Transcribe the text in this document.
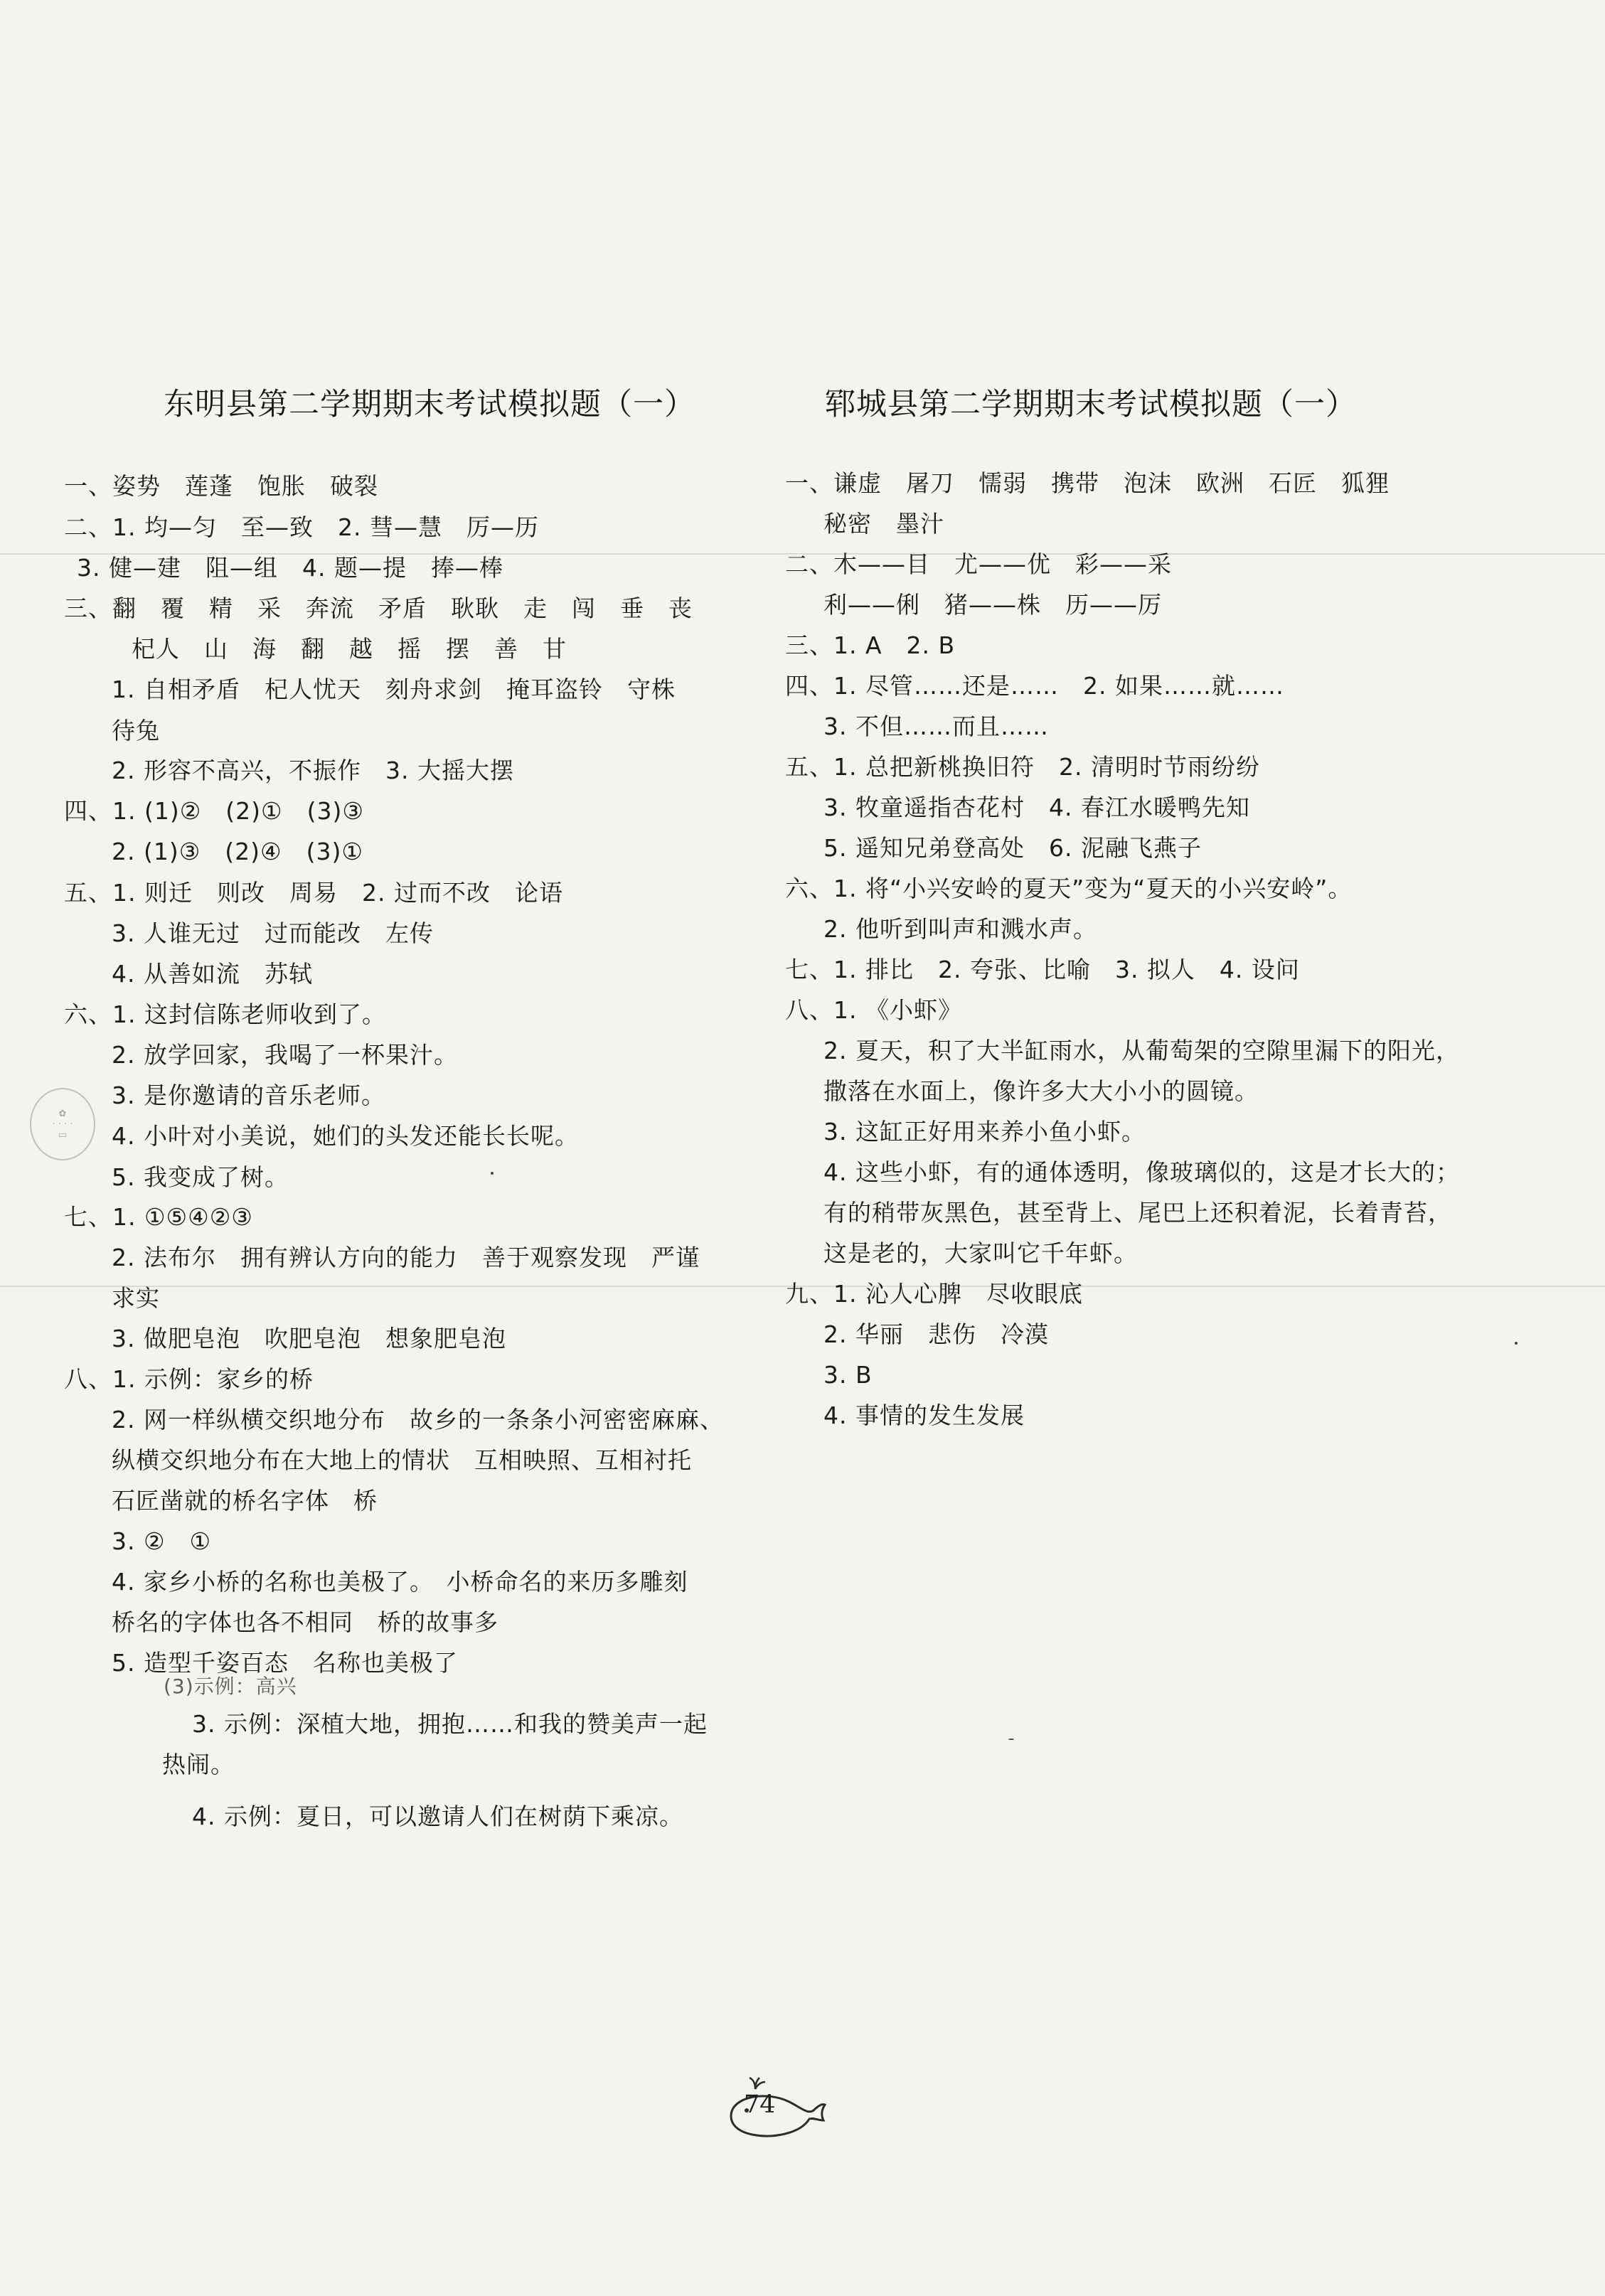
东明县第二学期期末考试模拟题（一）
一、姿势　莲蓬　饱胀　破裂
二、1. 均—匀　至—致　2. 彗—慧　厉—历
3. 健—建　阻—组　4. 题—提　捧—棒
三、翻　覆　精　采　奔流　矛盾　耿耿　走　闯　垂　丧
杞人　山　海　翻　越　摇　摆　善　甘
1. 自相矛盾　杞人忧天　刻舟求剑　掩耳盗铃　守株
待兔
2. 形容不高兴，不振作　3. 大摇大摆
四、1. (1)②　(2)①　(3)③
2. (1)③　(2)④　(3)①
五、1. 则迁　则改　周易　2. 过而不改　论语
3. 人谁无过　过而能改　左传
4. 从善如流　苏轼
六、1. 这封信陈老师收到了。
2. 放学回家，我喝了一杯果汁。
3. 是你邀请的音乐老师。
4. 小叶对小美说，她们的头发还能长长呢。
5. 我变成了树。
七、1. ①⑤④②③
2. 法布尔　拥有辨认方向的能力　善于观察发现　严谨
求实
3. 做肥皂泡　吹肥皂泡　想象肥皂泡
八、1. 示例：家乡的桥
2. 网一样纵横交织地分布　故乡的一条条小河密密麻麻、
纵横交织地分布在大地上的情状　互相映照、互相衬托
石匠凿就的桥名字体　桥
3. ②　①
4. 家乡小桥的名称也美极了。　小桥命名的来历多雕刻
桥名的字体也各不相同　桥的故事多
5. 造型千姿百态　名称也美极了
(3)示例：高兴
3. 示例：深植大地，拥抱……和我的赞美声一起
热闹。
4. 示例：夏日，可以邀请人们在树荫下乘凉。
郓城县第二学期期末考试模拟题（一）
一、谦虚　屠刀　懦弱　携带　泡沫　欧洲　石匠　狐狸
秘密　墨汁
二、木——目　尤——优　彩——采
利——俐　猪——株　历——厉
三、1. A　2. B
四、1. 尽管……还是……　2. 如果……就……
3. 不但……而且……
五、1. 总把新桃换旧符　2. 清明时节雨纷纷
3. 牧童遥指杏花村　4. 春江水暖鸭先知
5. 遥知兄弟登高处　6. 泥融飞燕子
六、1. 将“小兴安岭的夏天”变为“夏天的小兴安岭”。
2. 他听到叫声和溅水声。
七、1. 排比　2. 夸张、比喻　3. 拟人　4. 设问
八、1. 《小虾》
2. 夏天，积了大半缸雨水，从葡萄架的空隙里漏下的阳光，
撒落在水面上，像许多大大小小的圆镜。
3. 这缸正好用来养小鱼小虾。
4. 这些小虾，有的通体透明，像玻璃似的，这是才长大的；
有的稍带灰黑色，甚至背上、尾巴上还积着泥，长着青苔，
这是老的，大家叫它千年虾。
九、1. 沁人心脾　尽收眼底
2. 华丽　悲伤　冷漠
3. B
4. 事情的发生发展
✿
· · · ·
▭
74
